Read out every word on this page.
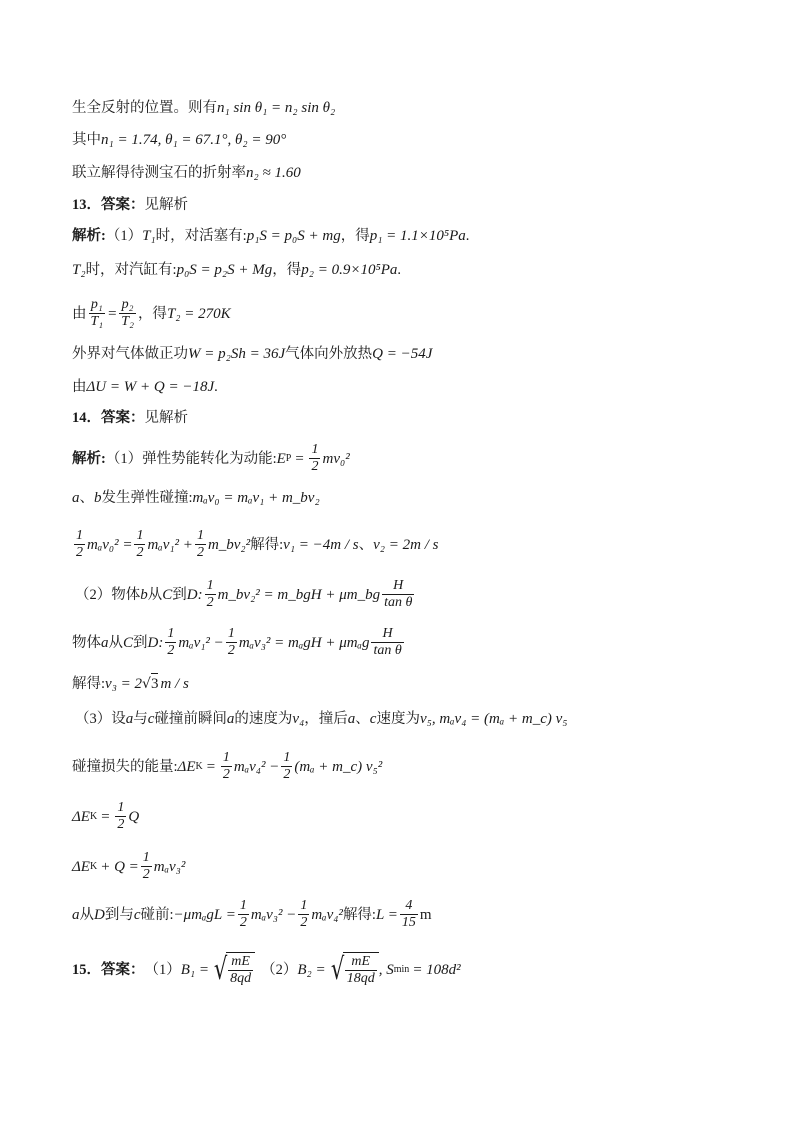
生全反射的位置。则有 n₁ sin θ₁ = n₂ sin θ₂
其中 n₁ = 1.74, θ₁ = 67.1°, θ₂ = 90°
联立解得待测宝石的折射率 n₂ ≈ 1.60
13．答案： 见解析
解析: （1） T₁ 时，对活塞有: p₁S = p₀S + mg ，得 p₁ = 1.1×10⁵Pa .
T₂ 时，对汽缸有: p₀S = p₂S + Mg ，得 p₂ = 0.9×10⁵Pa .
由 $\frac{\text{p₁}}{\text{T₁}} = \frac{\text{p₂}}{\text{T₂}}$ ，得 T₂ = 270K
外界对气体做正功 W = p₂Sh = 36J 气体向外放热 Q = −54J
由 ΔU = W + Q = −18J .
14．答案： 见解析
解析: （1）弹性势能转化为动能: E $P = \frac{1}{2} mv_0^2$
a 、 b 发生弹性碰撞: mₐv₀ = mₐv₁ + m_bv₂
$\frac{1}{2} m_av_0^2 = \frac{1}{2} m_av_1^2 + \frac{1}{2}$ m_bv₂² 解得: v₁ = −4m / s 、 v₂ = 2m / s
（2）物体 b 从 C 到 D: $\frac{1}{2}$ m_bv₂² = m_bgH + μm_bg $\frac{H}{\text{tan θ}}$
物体 a 从 C 到 D: $\frac{1}{2} m_av_1^2 - \frac{1}{2} m_av_3^2 = m_agH + \mu m_ag \frac{H}{\text{tan θ}}$
解得: v₃ = 2 √ 3 m / s
（3）设 a 与 c 碰撞前瞬间 a 的速度为 v₄ ，撞后 a 、 c 速度为 v₅, mₐv₄ = (mₐ + m_c) v₅
碰撞损失的能量: ΔE $K = \frac{1}{2} m_av_4^2 - \frac{1}{2} (m_a$ + m_c) v₅²
ΔE $K = \frac{1}{2}$ Q
ΔE $K + Q = \frac{1}{2} m_av_3^2$
a 从 D 到与 c 碰前: $-\mu m_agL = \frac{1}{2} m_av_3^2 - \frac{1}{2} m_av_4^2$ 解得: $L = \frac{4}{15}$ m
15．答案： （1） B₁ = √ $\frac{mE}{8qd} (2) B_2$ = √ $\frac{mE}{18qd}$ , S min = 108d²
